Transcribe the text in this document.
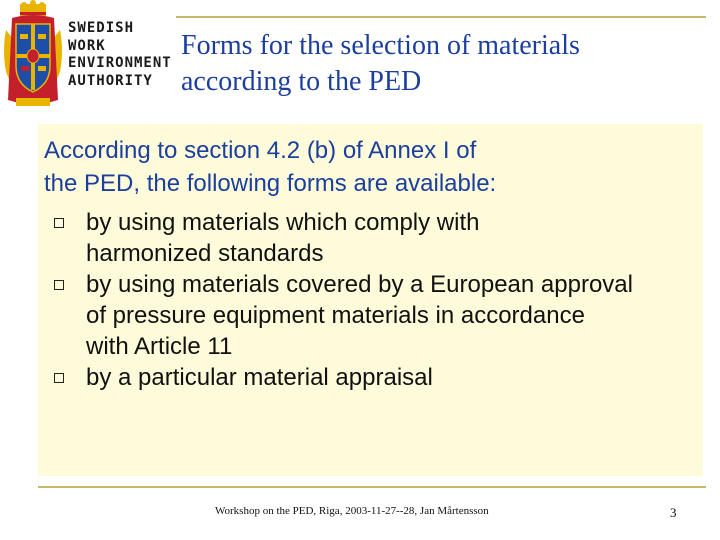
SWEDISH
WORK
ENVIRONMENT
AUTHORITY
Forms for the selection of materials
according to the PED
According to section 4.2 (b) of Annex I of
the PED, the following forms are available:
by using materials which comply with
harmonized standards
by using materials covered by a European approval
of pressure equipment materials in accordance
with Article 11
by a particular material appraisal
Workshop on the PED, Riga, 2003-11-27--28, Jan Mårtensson	3
